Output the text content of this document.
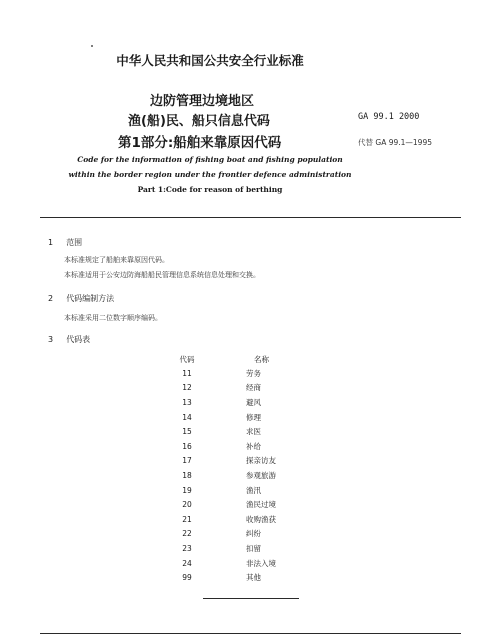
中华人民共和国公共安全行业标准
边防管理边境地区
渔(船)民、船只信息代码
第1部分:船舶来靠原因代码
GA 99.1 2000
代替 GA 99.1—1995
Code for the information of fishing boat and fishing population
within the border region under the frontier defence administration
Part 1:Code for reason of berthing
1 范围
本标准规定了船舶来靠原因代码。
本标准适用于公安边防海船船民管理信息系统信息处理和交换。
2 代码编制方法
本标准采用二位数字顺序编码。
3 代码表
代码	名称
11	劳务
12	经商
13	避风
14	修理
15	求医
16	补给
17	探亲访友
18	参观旅游
19	渔汛
20	渔民过境
21	收购渔获
22	纠纷
23	扣留
24	非法入境
99	其他
